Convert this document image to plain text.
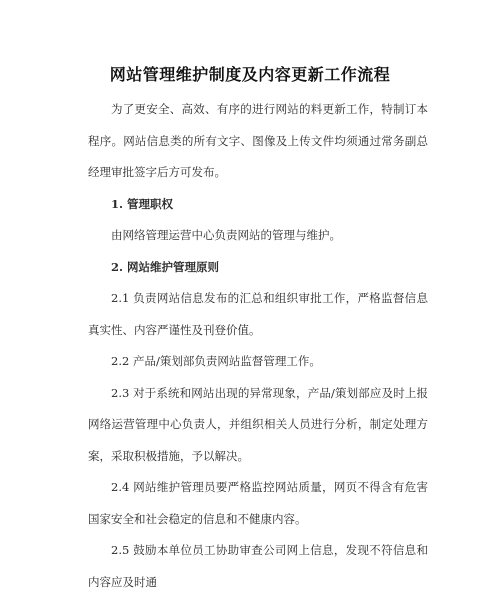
网站管理维护制度及内容更新工作流程

为了更安全、高效、有序的进行网站的料更新工作，特制订本程序。网站信息类的所有文字、图像及上传文件均须通过常务副总经理审批签字后方可发布。

1. 管理职权

由网络管理运营中心负责网站的管理与维护。

2. 网站维护管理原则

2.1 负责网站信息发布的汇总和组织审批工作，严格监督信息真实性、内容严谨性及刊登价值。

2.2 产品/策划部负责网站监督管理工作。

2.3 对于系统和网站出现的异常现象，产品/策划部应及时上报网络运营管理中心负责人，并组织相关人员进行分析，制定处理方案，采取积极措施，予以解决。

2.4 网站维护管理员要严格监控网站质量，网页不得含有危害国家安全和社会稳定的信息和不健康内容。

2.5 鼓励本单位员工协助审查公司网上信息，发现不符信息和内容应及时通
